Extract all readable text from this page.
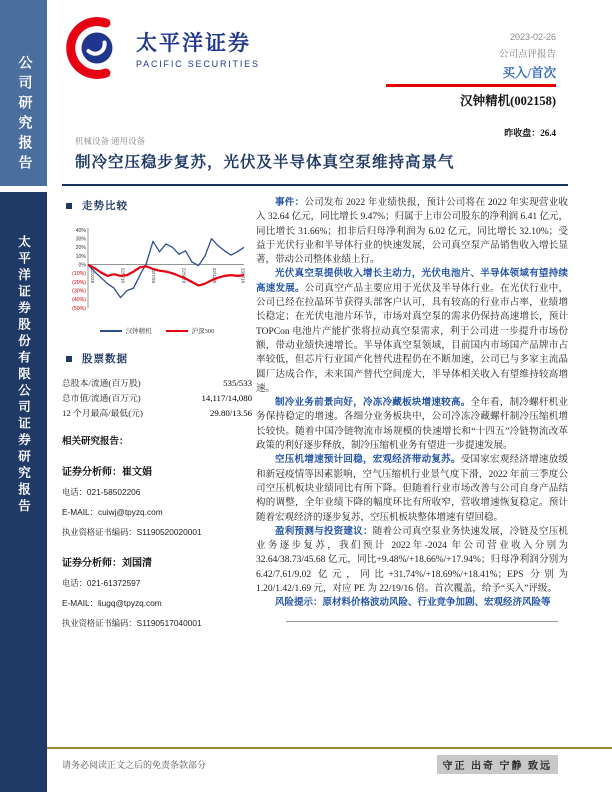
公司研究报告
太平洋证券股份有限公司证券研究报告
太平洋证券
PACIFIC SECURITIES
2023-02-26
公司点评报告
买入/首次
汉钟精机(002158)
昨收盘：26.4
机械设备 通用设备
制冷空压稳步复苏，光伏及半导体真空泵维持高景气
走势比较
40%
30%
20%
10%
0%
(10%)
(20%)
(30%)
(40%)
(50%)
22/2/28	22/5/10	22/7/20	22/9/29	22/12/9	23/2/18
汉钟精机	沪深300
股票数据
总股本/流通(百万股)	535/533
总市值/流通(百万元)	14,117/14,080
12 个月最高/最低(元)	29.80/13.56
相关研究报告：
证券分析师：崔文娟
电话：021-58502206
E-MAIL：cuiwj@tpyzq.com
执业资格证书编码：S1190520020001
证券分析师：刘国清
电话：021-61372597
E-MAIL：liugq@tpyzq.com
执业资格证书编码：S1190517040001

事件：公司发布 2022 年业绩快报，预计公司将在 2022 年实现营业收入 32.64 亿元，同比增长 9.47%；归属于上市公司股东的净利润 6.41 亿元，同比增长 31.66%；扣非后归母净利润为 6.02 亿元，同比增长 32.10%；受益于光伏行业和半导体行业的快速发展，公司真空泵产品销售收入增长显著，带动公司整体业绩上行。

光伏真空泵提供收入增长主动力，光伏电池片、半导体领域有望持续高速发展。公司真空产品主要应用于光伏及半导体行业。在光伏行业中，公司已经在拉晶环节获得头部客户认可，具有较高的行业市占率，业绩增长稳定；在光伏电池片环节，市场对真空泵的需求仍保持高速增长，预计 TOPCon 电池片产能扩张将拉动真空泵需求，利于公司进一步提升市场份额，带动业绩快速增长。半导体真空泵领域，目前国内市场国产品牌市占率较低，但芯片行业国产化替代进程仍在不断加速，公司已与多家主流晶圆厂达成合作，未来国产替代空间庞大，半导体相关收入有望维持较高增速。

制冷业务前景向好，冷冻冷藏板块增速较高。全年看，制冷螺杆机业务保持稳定的增速。各细分业务板块中，公司冷冻冷藏螺杆制冷压缩机增长较快。随着中国冷链物流市场规模的快速增长和“十四五”冷链物流改革政策的利好逐步释放，制冷压缩机业务有望进一步提速发展。

空压机增速预计回稳，宏观经济带动复苏。受国家宏观经济增速放缓和新冠疫情等因素影响，空气压缩机行业景气度下滑，2022 年前三季度公司空压机板块业绩同比有所下降。但随着行业市场改善与公司自身产品结构的调整，全年业绩下降的幅度环比有所收窄，营收增速恢复稳定。预计随着宏观经济的逐步复苏，空压机板块整体增速有望回稳。

盈利预测与投资建议：随着公司真空泵业务快速发展，冷链及空压机业务逐步复苏，我们预计 2022年-2024 年公司营业收入分别为 32.64/38.73/45.68 亿元，同比+9.48%/+18.66%/+17.94%；归母净利润分别为 6.42/7.61/9.02 亿元，同比+31.74%/+18.69%/+18.41%；EPS 分别为 1.20/1.42/1.69 元，对应 PE 为 22/19/16 倍。首次覆盖，给予“买入”评级。

风险提示：原材料价格波动风险、行业竞争加剧、宏观经济风险等

请务必阅读正文之后的免责条款部分	守正 出奇 宁静 致远
